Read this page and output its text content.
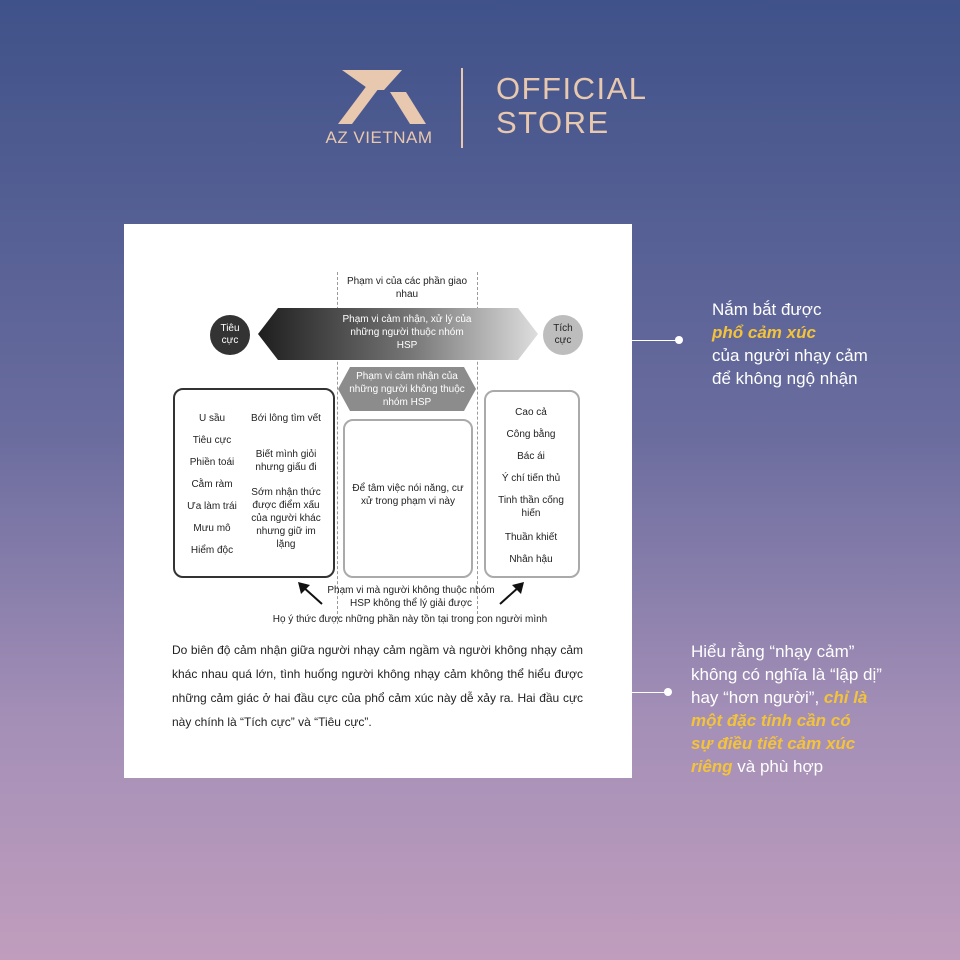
AZ VIETNAM
OFFICIAL
STORE
Phạm vi của các phần giao nhau
Phạm vi cảm nhận, xử lý của những người thuộc nhóm HSP
Phạm vi cảm nhận của những người không thuộc nhóm HSP
Tiêu cực
Tích cực
U sầu
Tiêu cực
Phiền toái
Cằm ràm
Ưa làm trái
Mưu mô
Hiểm độc
Bới lông tìm vết
Biết mình giỏi nhưng giấu đi
Sớm nhận thức được điểm xấu của người khác nhưng giữ im lặng
Để tâm việc nói năng, cư xử trong phạm vi này
Cao cả
Công bằng
Bác ái
Ý chí tiến thủ
Tinh thần cống hiến
Thuần khiết
Nhân hậu
Phạm vi mà người không thuộc nhóm HSP không thể lý giải được
Họ ý thức được những phần này tồn tại trong con người mình
Do biên độ cảm nhận giữa người nhạy cảm ngầm và người không nhạy cảm khác nhau quá lớn, tình huống người không nhạy cảm không thể hiểu được những cảm giác ở hai đầu cực của phổ cảm xúc này dễ xảy ra. Hai đầu cực này chính là “Tích cực” và “Tiêu cực”.
Nắm bắt được
phổ cảm xúc
của người nhạy cảm
để không ngộ nhận
Hiểu rằng “nhạy cảm”
không có nghĩa là “lập dị”
hay “hơn người”, chỉ là
một đặc tính cần có
sự điều tiết cảm xúc
riêng và phù hợp
